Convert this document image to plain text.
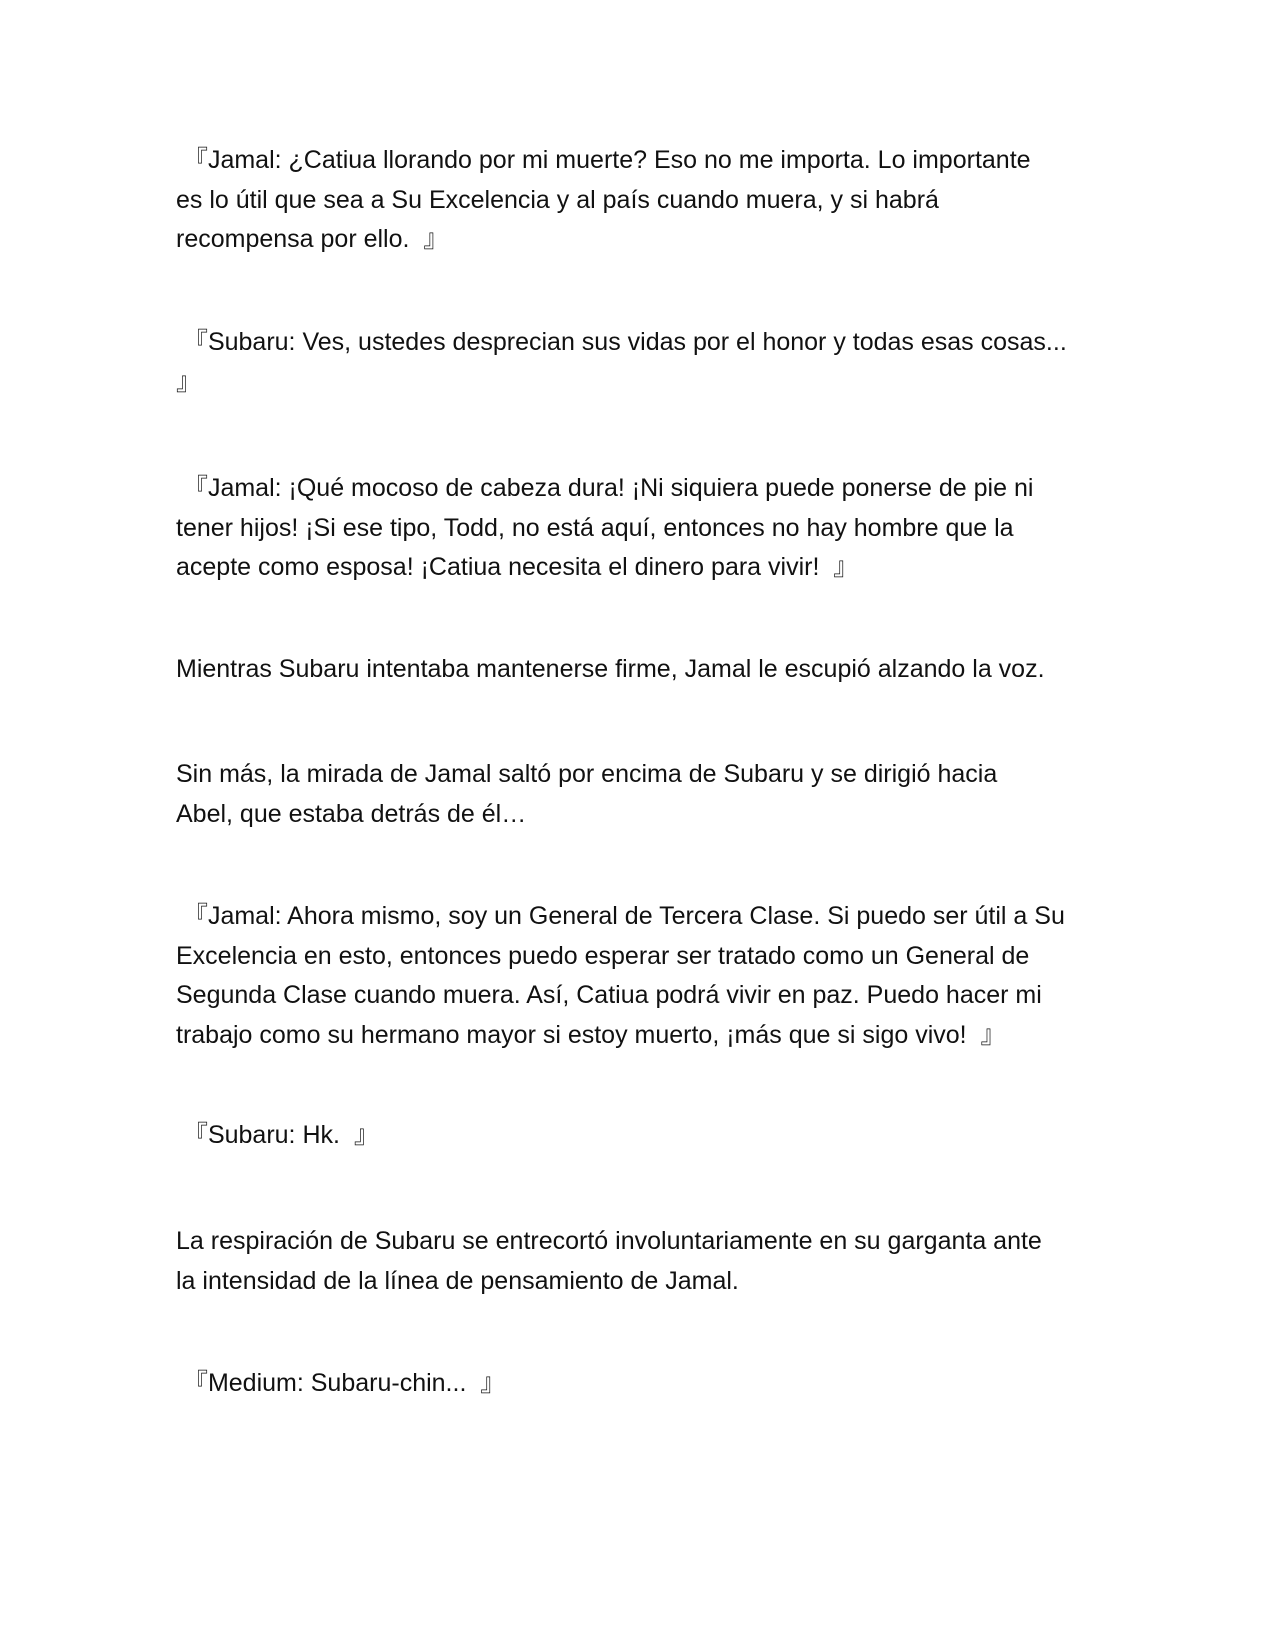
『Jamal: ¿Catiua llorando por mi muerte? Eso no me importa. Lo importante
es lo útil que sea a Su Excelencia y al país cuando muera, y si habrá
recompensa por ello.  』
『Subaru: Ves, ustedes desprecian sus vidas por el honor y todas esas cosas...
』
『Jamal: ¡Qué mocoso de cabeza dura! ¡Ni siquiera puede ponerse de pie ni
tener hijos! ¡Si ese tipo, Todd, no está aquí, entonces no hay hombre que la
acepte como esposa! ¡Catiua necesita el dinero para vivir!  』
Mientras Subaru intentaba mantenerse firme, Jamal le escupió alzando la voz.
Sin más, la mirada de Jamal saltó por encima de Subaru y se dirigió hacia
Abel, que estaba detrás de él…
『Jamal: Ahora mismo, soy un General de Tercera Clase. Si puedo ser útil a Su
Excelencia en esto, entonces puedo esperar ser tratado como un General de
Segunda Clase cuando muera. Así, Catiua podrá vivir en paz. Puedo hacer mi
trabajo como su hermano mayor si estoy muerto, ¡más que si sigo vivo!  』
『Subaru: Hk.  』
La respiración de Subaru se entrecortó involuntariamente en su garganta ante
la intensidad de la línea de pensamiento de Jamal.
『Medium: Subaru-chin...  』
